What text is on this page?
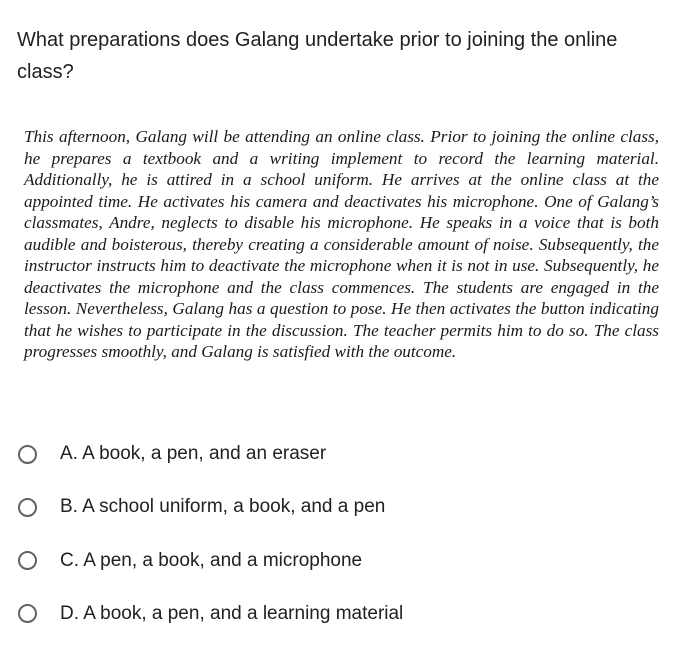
What preparations does Galang undertake prior to joining the online class?
This afternoon, Galang will be attending an online class. Prior to joining the online class, he prepares a textbook and a writing implement to record the learning material. Additionally, he is attired in a school uniform. He arrives at the online class at the appointed time. He activates his camera and deactivates his microphone. One of Galang’s classmates, Andre, neglects to disable his microphone. He speaks in a voice that is both audible and boisterous, thereby creating a considerable amount of noise. Subsequently, the instructor instructs him to deactivate the microphone when it is not in use. Subsequently, he deactivates the microphone and the class commences. The students are engaged in the lesson. Nevertheless, Galang has a question to pose. He then activates the button indicating that he wishes to participate in the discussion. The teacher permits him to do so. The class progresses smoothly, and Galang is satisfied with the outcome.
A. A book, a pen, and an eraser
B. A school uniform, a book, and a pen
C. A pen, a book, and a microphone
D. A book, a pen, and a learning material
